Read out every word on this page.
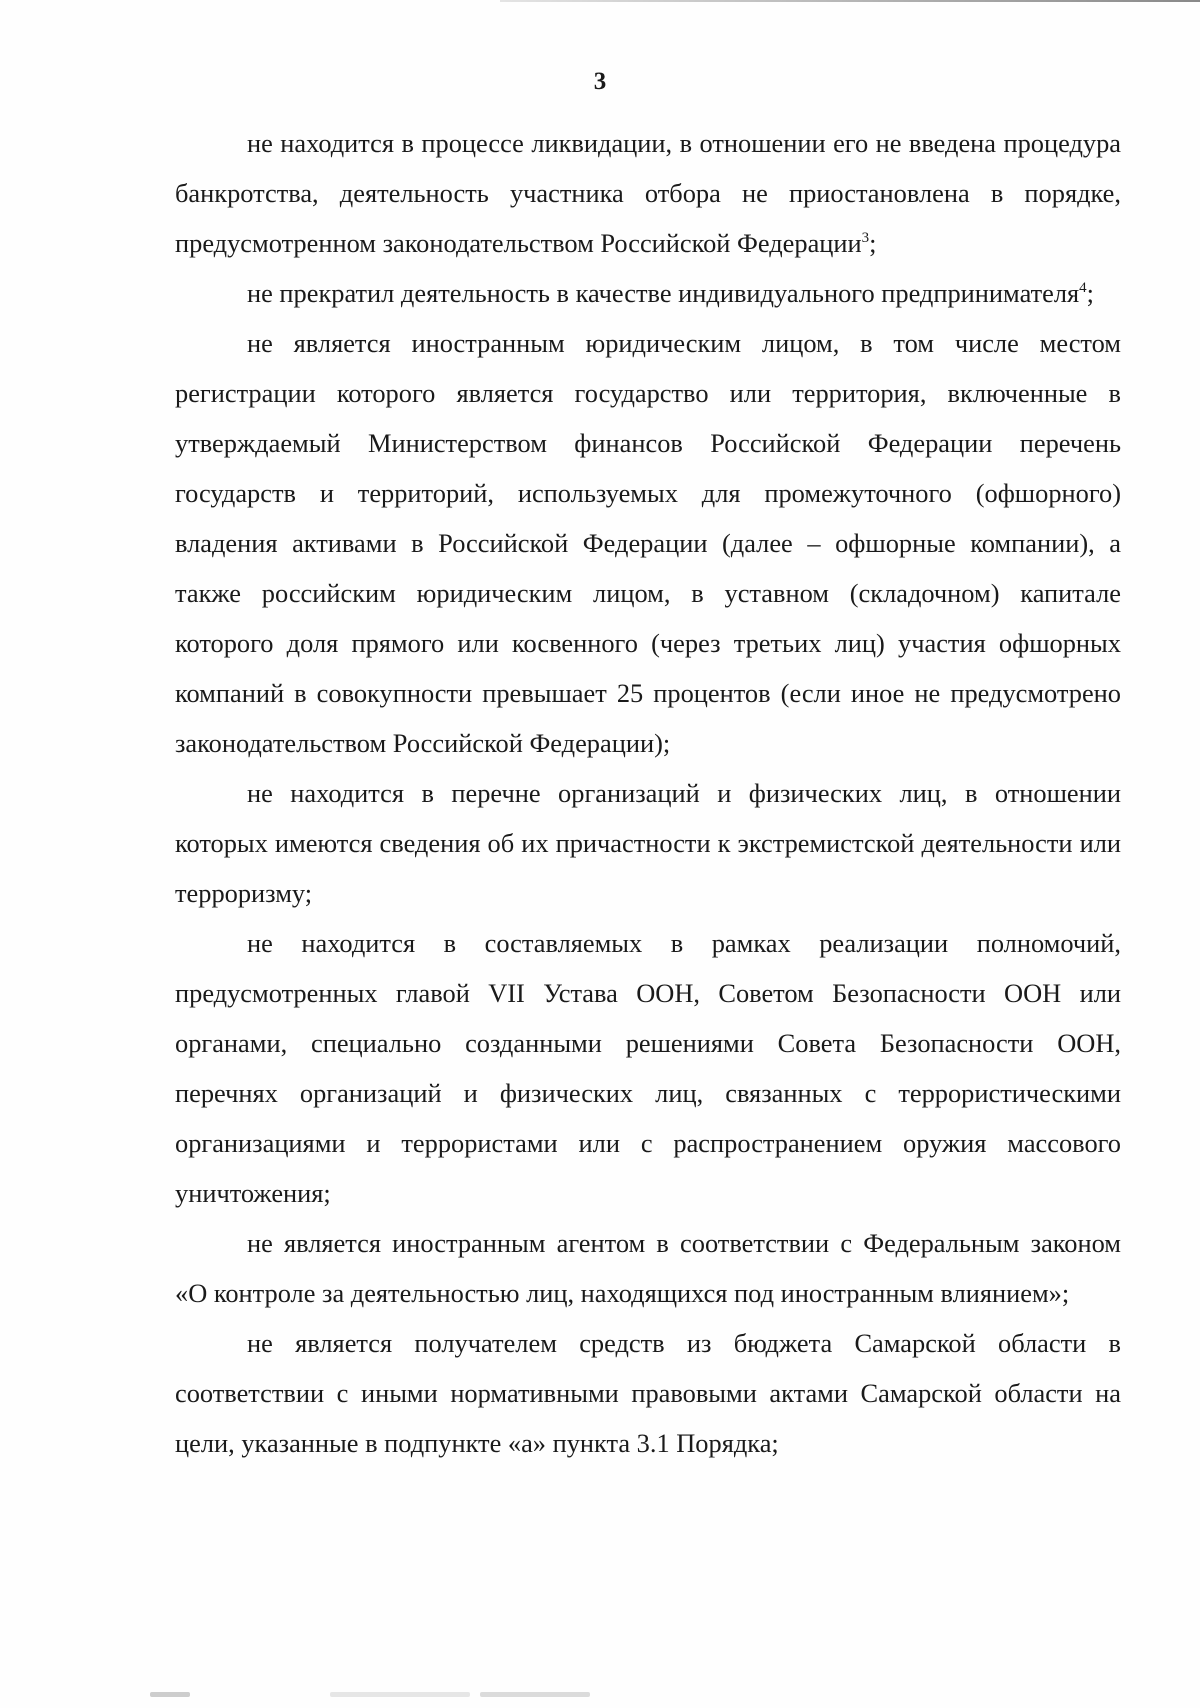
3

не находится в процессе ликвидации, в отношении его не введена процедура банкротства, деятельность участника отбора не приостановлена в порядке, предусмотренном законодательством Российской Федерации$^3$;

не прекратил деятельность в качестве индивидуального предпринимателя$^4$;

не является иностранным юридическим лицом, в том числе местом регистрации которого является государство или территория, включенные в утверждаемый Министерством финансов Российской Федерации перечень государств и территорий, используемых для промежуточного (офшорного) владения активами в Российской Федерации (далее – офшорные компании), а также российским юридическим лицом, в уставном (складочном) капитале которого доля прямого или косвенного (через третьих лиц) участия офшорных компаний в совокупности превышает 25 процентов (если иное не предусмотрено законодательством Российской Федерации);

не находится в перечне организаций и физических лиц, в отношении которых имеются сведения об их причастности к экстремистской деятельности или терроризму;

не находится в составляемых в рамках реализации полномочий, предусмотренных главой VII Устава ООН, Советом Безопасности ООН или органами, специально созданными решениями Совета Безопасности ООН, перечнях организаций и физических лиц, связанных с террористическими организациями и террористами или с распространением оружия массового уничтожения;

не является иностранным агентом в соответствии с Федеральным законом «О контроле за деятельностью лиц, находящихся под иностранным влиянием»;

не является получателем средств из бюджета Самарской области в соответствии с иными нормативными правовыми актами Самарской области на цели, указанные в подпункте «а» пункта 3.1 Порядка;
